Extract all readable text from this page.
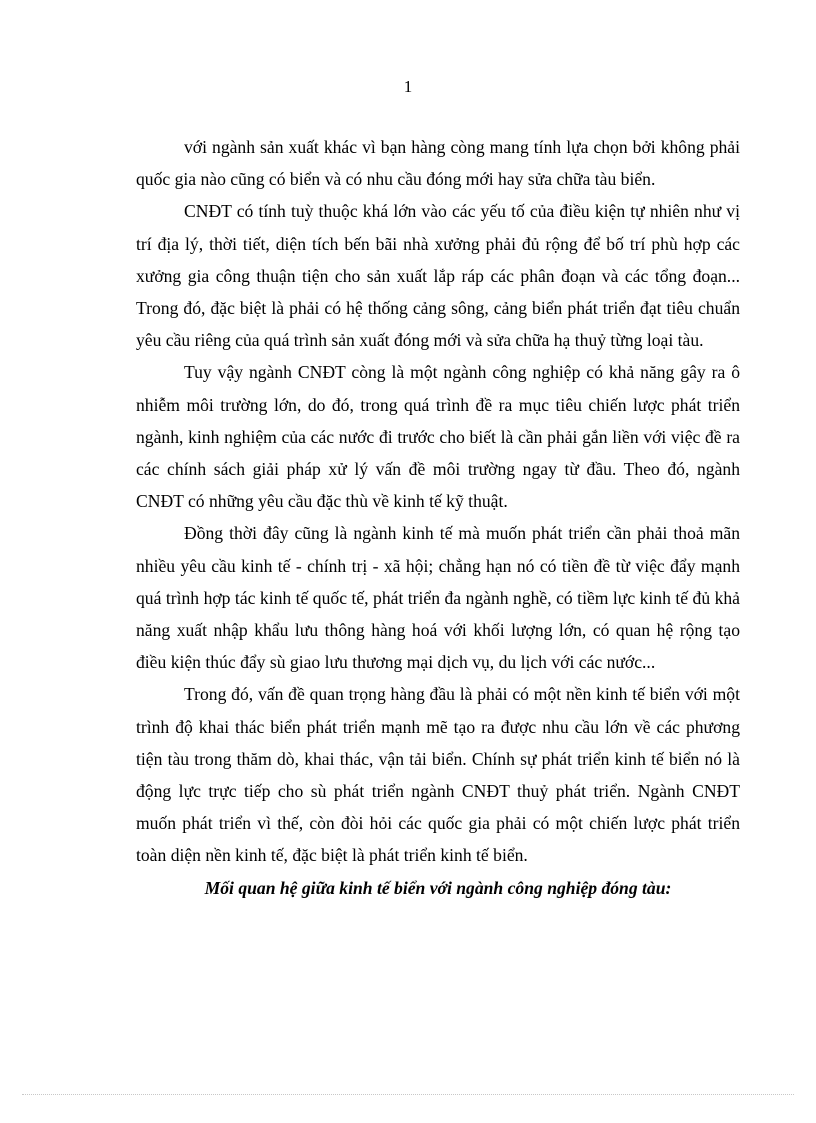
1

với ngành sản xuất khác vì bạn hàng còng mang tính lựa chọn bởi không phải quốc gia nào cũng có biển và có nhu cầu đóng mới hay sửa chữa tàu biển.

CNĐT có tính tuỳ thuộc khá lớn vào các yếu tố của điều kiện tự nhiên như vị trí địa lý, thời tiết, diện tích bến bãi nhà xưởng phải đủ rộng để bố trí phù hợp các xưởng gia công thuận tiện cho sản xuất lắp ráp các phân đoạn và các tổng đoạn... Trong đó, đặc biệt là phải có hệ thống cảng sông, cảng biển phát triển đạt tiêu chuẩn yêu cầu riêng của quá trình sản xuất đóng mới và sửa chữa hạ thuỷ từng loại tàu.

Tuy vậy ngành CNĐT còng là một ngành công nghiệp có khả năng gây ra ô nhiễm môi trường lớn, do đó, trong quá trình đề ra mục tiêu chiến lược phát triển ngành, kinh nghiệm của các nước đi trước cho biết là cần phải gắn liền với việc đề ra các chính sách giải pháp xử lý vấn đề môi trường ngay từ đầu. Theo đó, ngành CNĐT có những yêu cầu đặc thù về kinh tế kỹ thuật.

Đồng thời đây cũng là ngành kinh tế mà muốn phát triển cần phải thoả mãn nhiều yêu cầu kinh tế - chính trị - xã hội; chẳng hạn nó có tiền đề từ việc đẩy mạnh quá trình hợp tác kinh tế quốc tế, phát triển đa ngành nghề, có tiềm lực kinh tế đủ khả năng xuất nhập khẩu lưu thông hàng hoá với khối lượng lớn, có quan hệ rộng tạo điều kiện thúc đẩy sù giao lưu thương mại dịch vụ, du lịch với các nước...

Trong đó, vấn đề quan trọng hàng đầu là phải có một nền kinh tế biển với một trình độ khai thác biển phát triển mạnh mẽ tạo ra được nhu cầu lớn về các phương tiện tàu trong thăm dò, khai thác, vận tải biển. Chính sự phát triển kinh tế biển nó là động lực trực tiếp cho sù phát triển ngành CNĐT thuỷ phát triển. Ngành CNĐT muốn phát triển vì thế, còn đòi hỏi các quốc gia phải có một chiến lược phát triển toàn diện nền kinh tế, đặc biệt là phát triển kinh tế biển.

Mối quan hệ giữa kinh tế biển với ngành công nghiệp đóng tàu:
